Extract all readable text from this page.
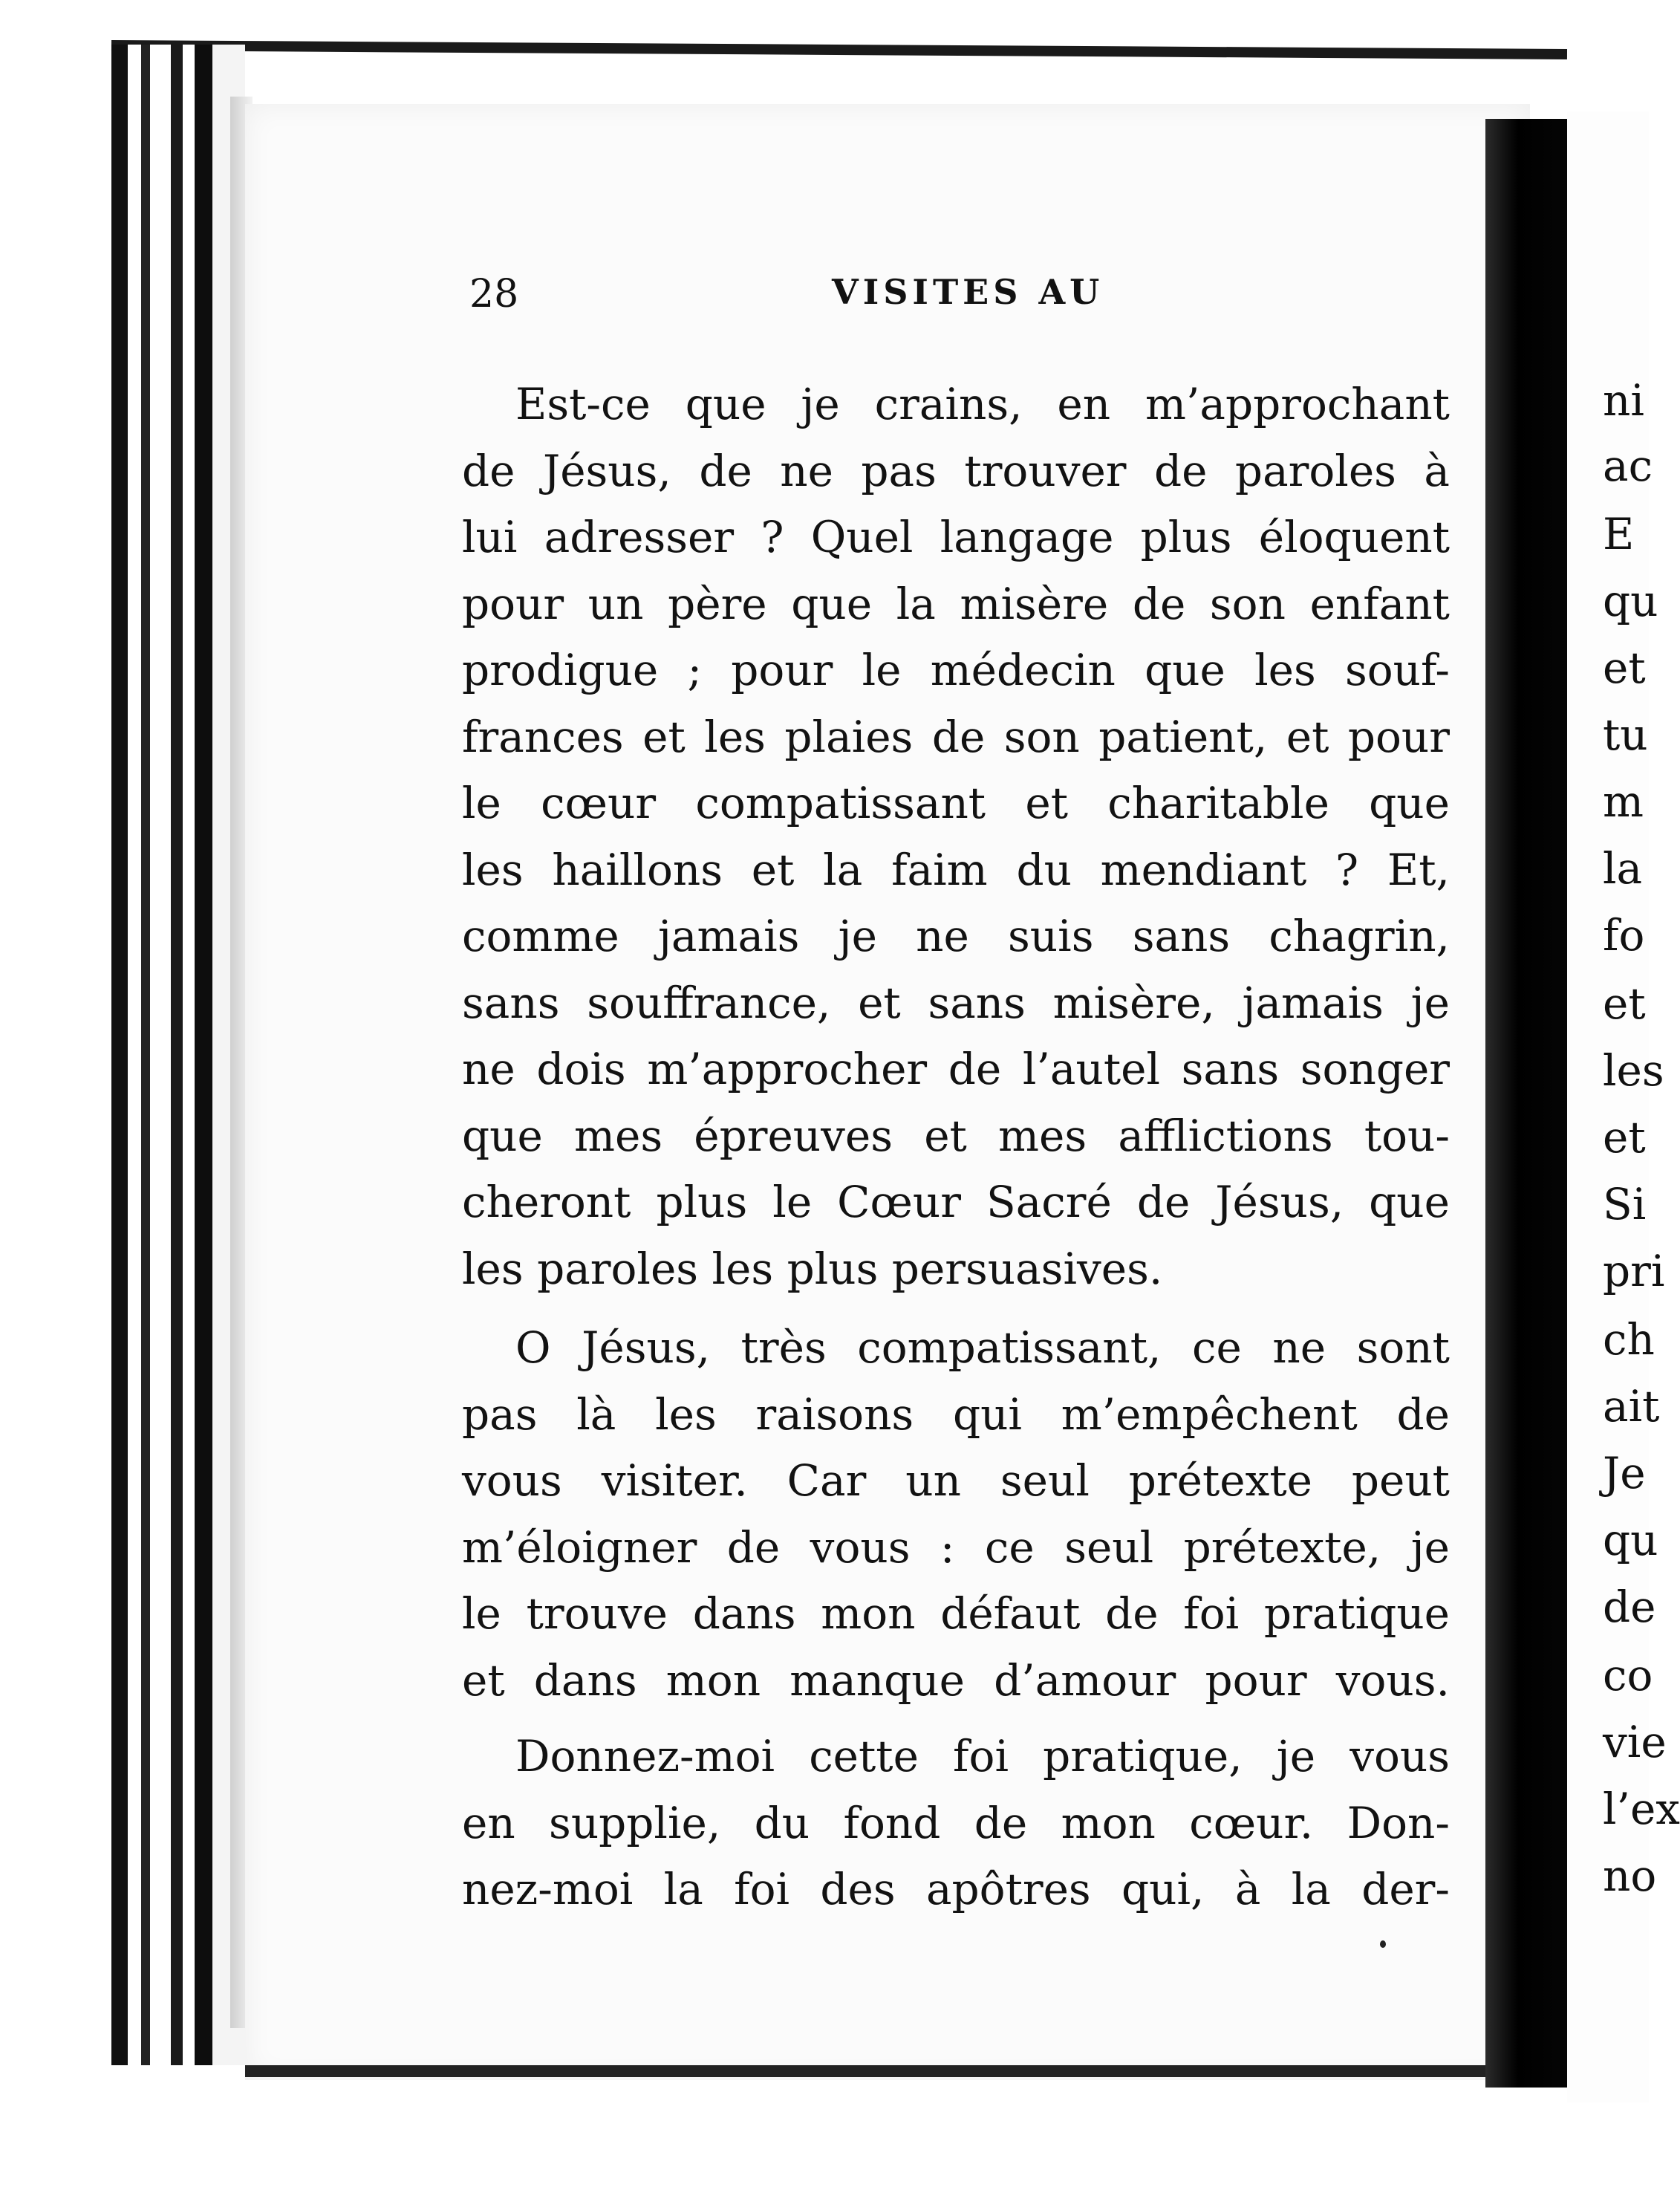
28	VISITES AU
Est-ce que je crains, en m’approchant
de Jésus, de ne pas trouver de paroles à
lui adresser ? Quel langage plus éloquent
pour un père que la misère de son enfant
prodigue ; pour le médecin que les souf-
frances et les plaies de son patient, et pour
le cœur compatissant et charitable que
les haillons et la faim du mendiant ? Et,
comme jamais je ne suis sans chagrin,
sans souffrance, et sans misère, jamais je
ne dois m’approcher de l’autel sans songer
que mes épreuves et mes afflictions tou-
cheront plus le Cœur Sacré de Jésus, que
les paroles les plus persuasives.
O Jésus, très compatissant, ce ne sont
pas là les raisons qui m’empêchent de
vous visiter. Car un seul prétexte peut
m’éloigner de vous : ce seul prétexte, je
le trouve dans mon défaut de foi pratique
et dans mon manque d’amour pour vous.
Donnez-moi cette foi pratique, je vous
en supplie, du fond de mon cœur. Don-
nez-moi la foi des apôtres qui, à la der-
ni
ac
E
qu
et
tu
m
la
fo
et
les
et
Si
pri
ch
ait
Je
qu
de
co
vie
l’ex
no
